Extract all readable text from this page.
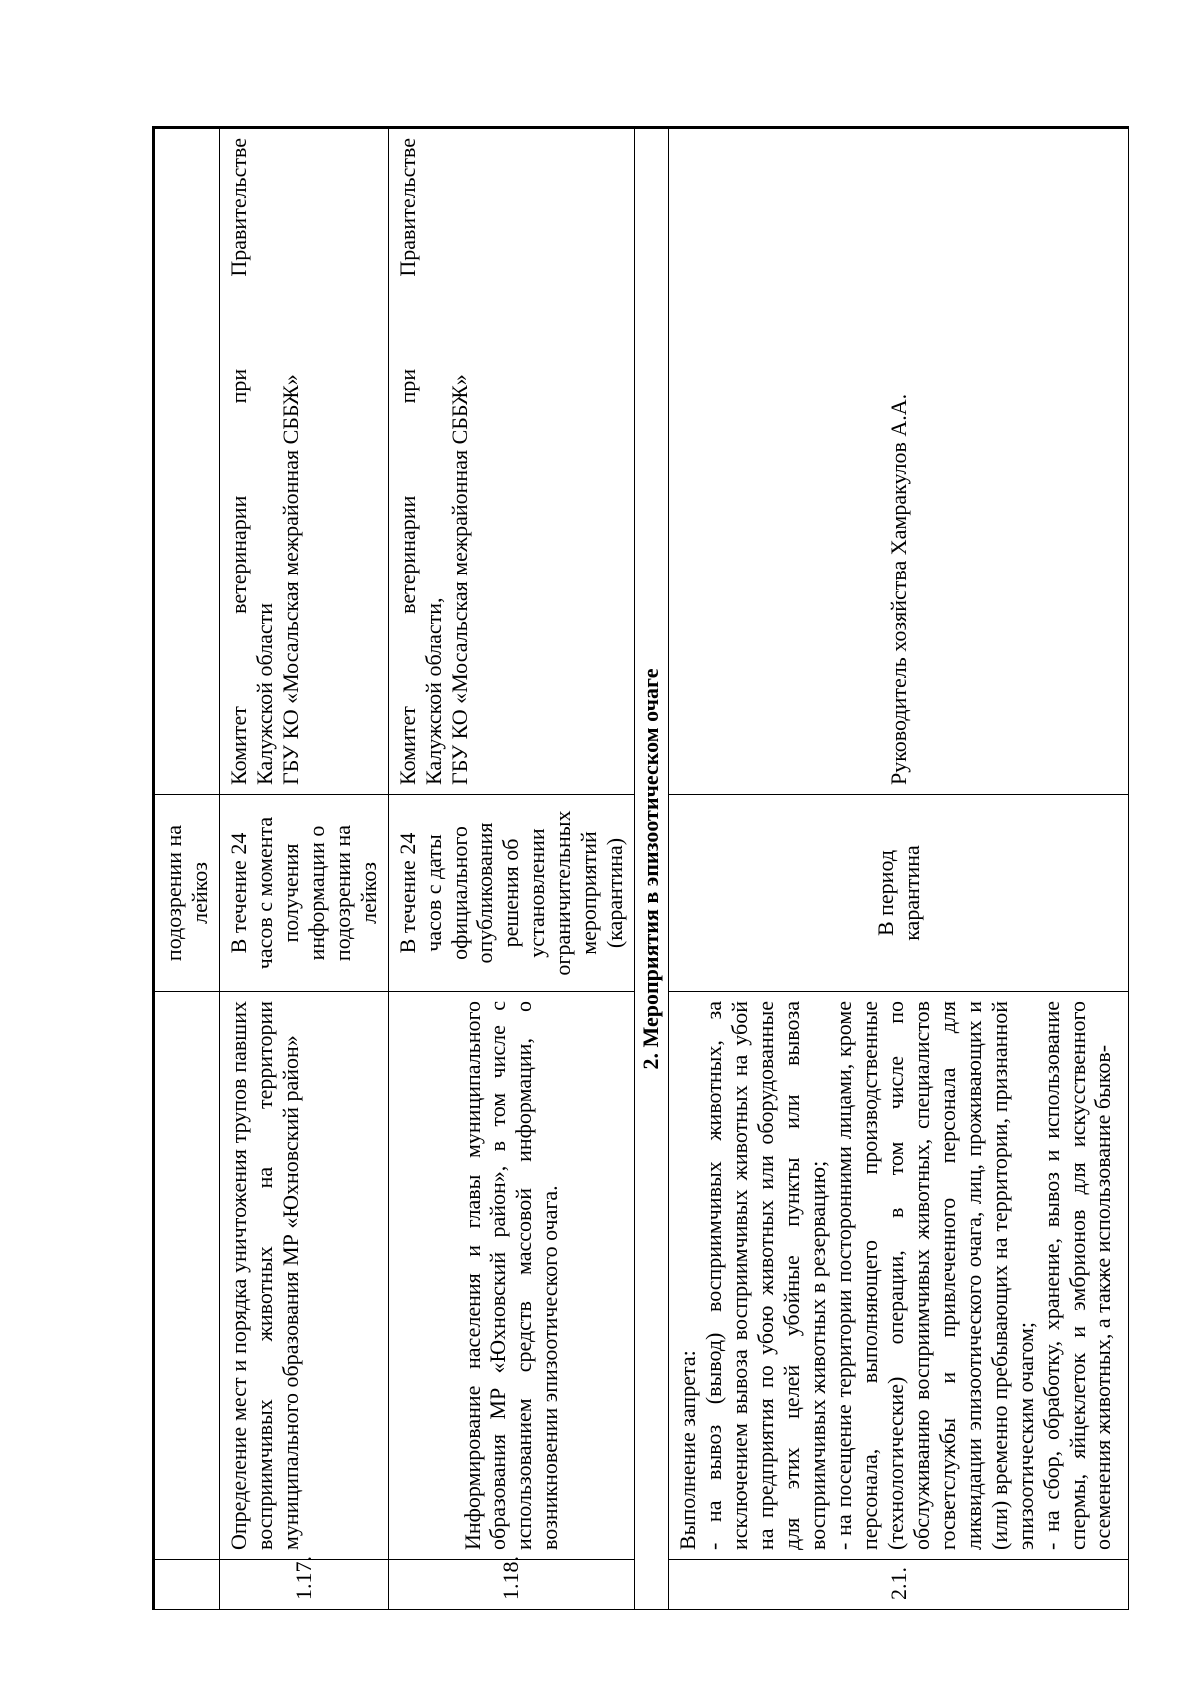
		подозрении на лейкоз	
1.17.	Определение мест и порядка уничтожения трупов павших восприимчивых животных на территории муниципального образования МР «Юхновский район»	В течение 24 часов с момента получения информации о подозрении на лейкоз	Комитет ветеринарии при Правительстве Калужской области ГБУ КО «Мосальская межрайонная СББЖ»

1.18.	Информирование населения и главы муниципального образования МР «Юхновский район», в том числе с использованием средств массовой информации, о возникновении эпизоотического очага.	В течение 24 часов с даты официального опубликования решения об установлении ограничительных мероприятий (карантина)	Комитет ветеринарии при Правительстве Калужской области, ГБУ КО «Мосальская межрайонная СББЖ»

2. Мероприятия в эпизоотическом очаге			
2.1.	Выполнение запрета: - на вывоз (вывод) восприимчивых животных, за исключением вывоза восприимчивых животных на убой на предприятия по убою животных или оборудованные для этих целей убойные пункты или вывоза восприимчивых животных в резервацию; - на посещение территории посторонними лицами, кроме персонала, выполняющего производственные (технологические) операции, в том числе по обслуживанию восприимчивых животных, специалистов госветслужбы и привлеченного персонала для ликвидации эпизоотического очага, лиц, проживающих и (или) временно пребывающих на территории, признанной эпизоотическим очагом; - на сбор, обработку, хранение, вывоз и использование спермы, яйцеклеток и эмбрионов для искусственного осеменения животных, а также использование быков-	В период карантина	Руководитель хозяйства Хамракулов А.А.
